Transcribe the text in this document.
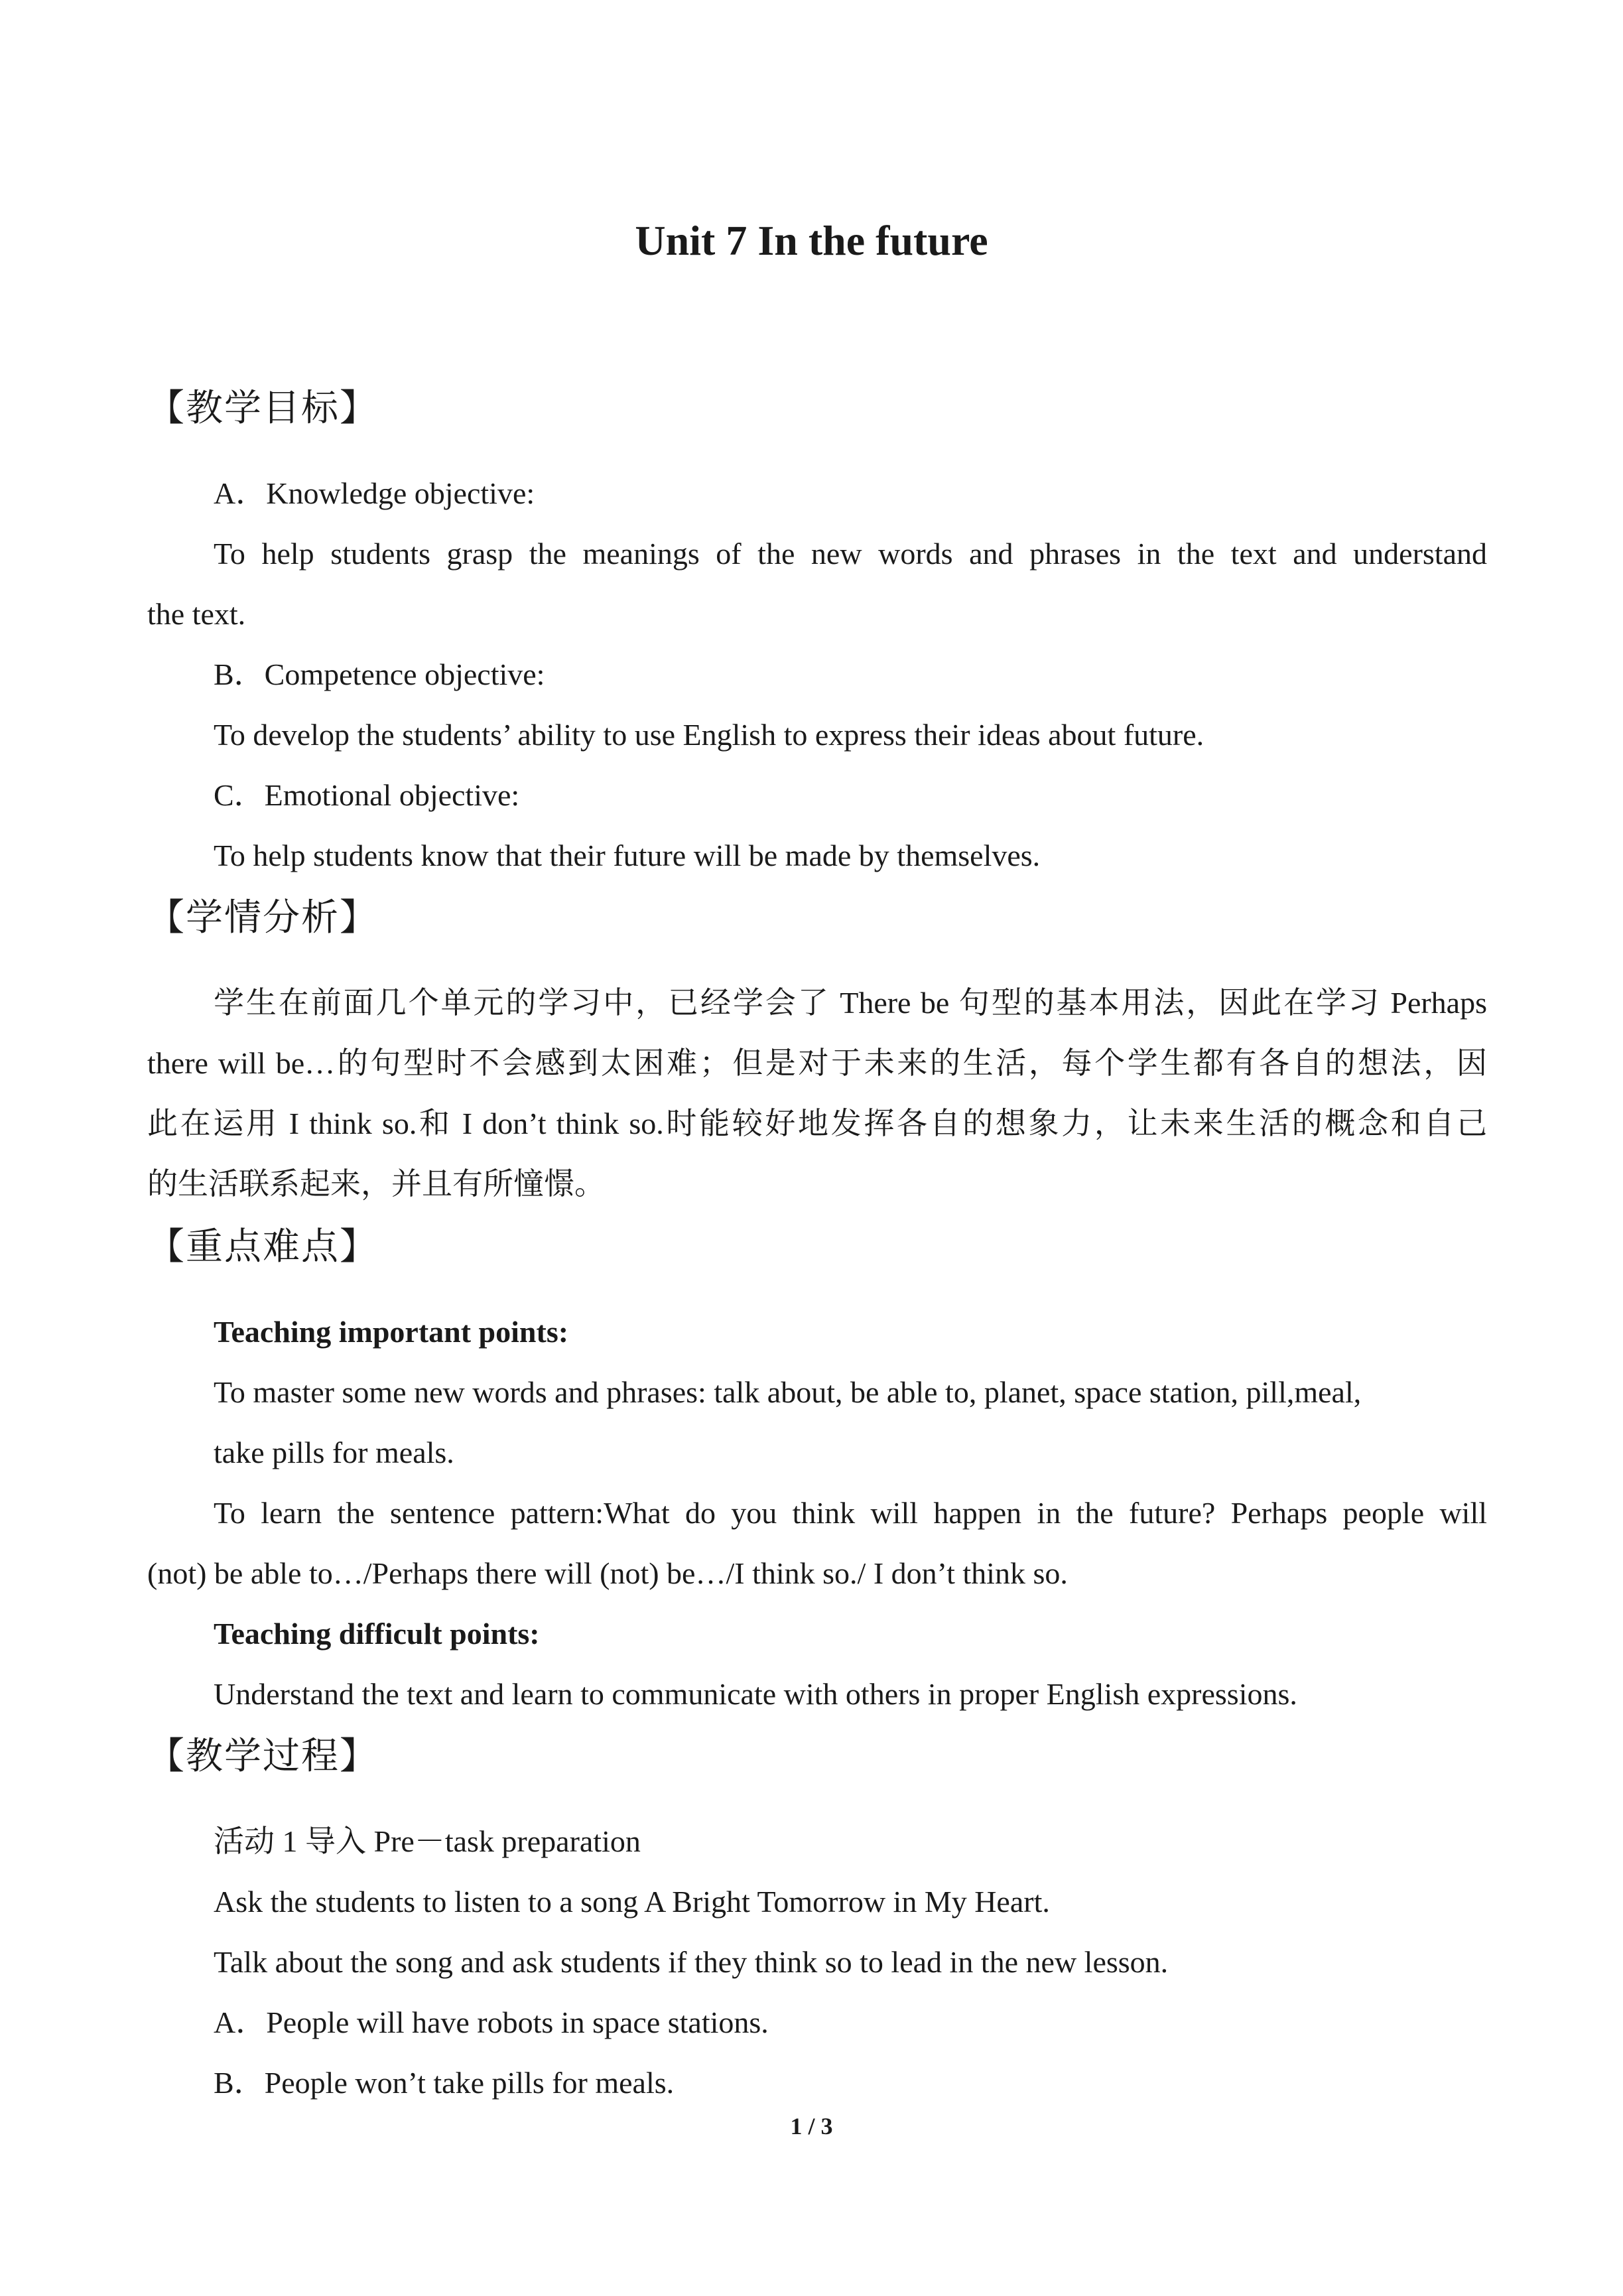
Unit 7 In the future
【教学目标】
A．Knowledge objective:
To help students grasp the meanings of the new words and phrases in the text and understand
the text.
B．Competence objective:
To develop the students’ ability to use English to express their ideas about future.
C．Emotional objective:
To help students know that their future will be made by themselves.
【学情分析】
学生在前面几个单元的学习中，已经学会了 There be 句型的基本用法，因此在学习 Perhaps
there will be…的句型时不会感到太困难；但是对于未来的生活，每个学生都有各自的想法，因
此在运用 I think so.和 I don’t think so.时能较好地发挥各自的想象力，让未来生活的概念和自己
的生活联系起来，并且有所憧憬。
【重点难点】
Teaching important points:
To master some new words and phrases: talk about, be able to, planet, space station, pill,meal,
take pills for meals.
To learn the sentence pattern:What do you think will happen in the future? Perhaps people will
(not) be able to…/Perhaps there will (not) be…/I think so./ I don’t think so.
Teaching difficult points:
Understand the text and learn to communicate with others in proper English expressions.
【教学过程】
活动 1 导入 Pre－task preparation
Ask the students to listen to a song A Bright Tomorrow in My Heart.
Talk about the song and ask students if they think so to lead in the new lesson.
A．People will have robots in space stations.
B．People won’t take pills for meals.
1 / 3
